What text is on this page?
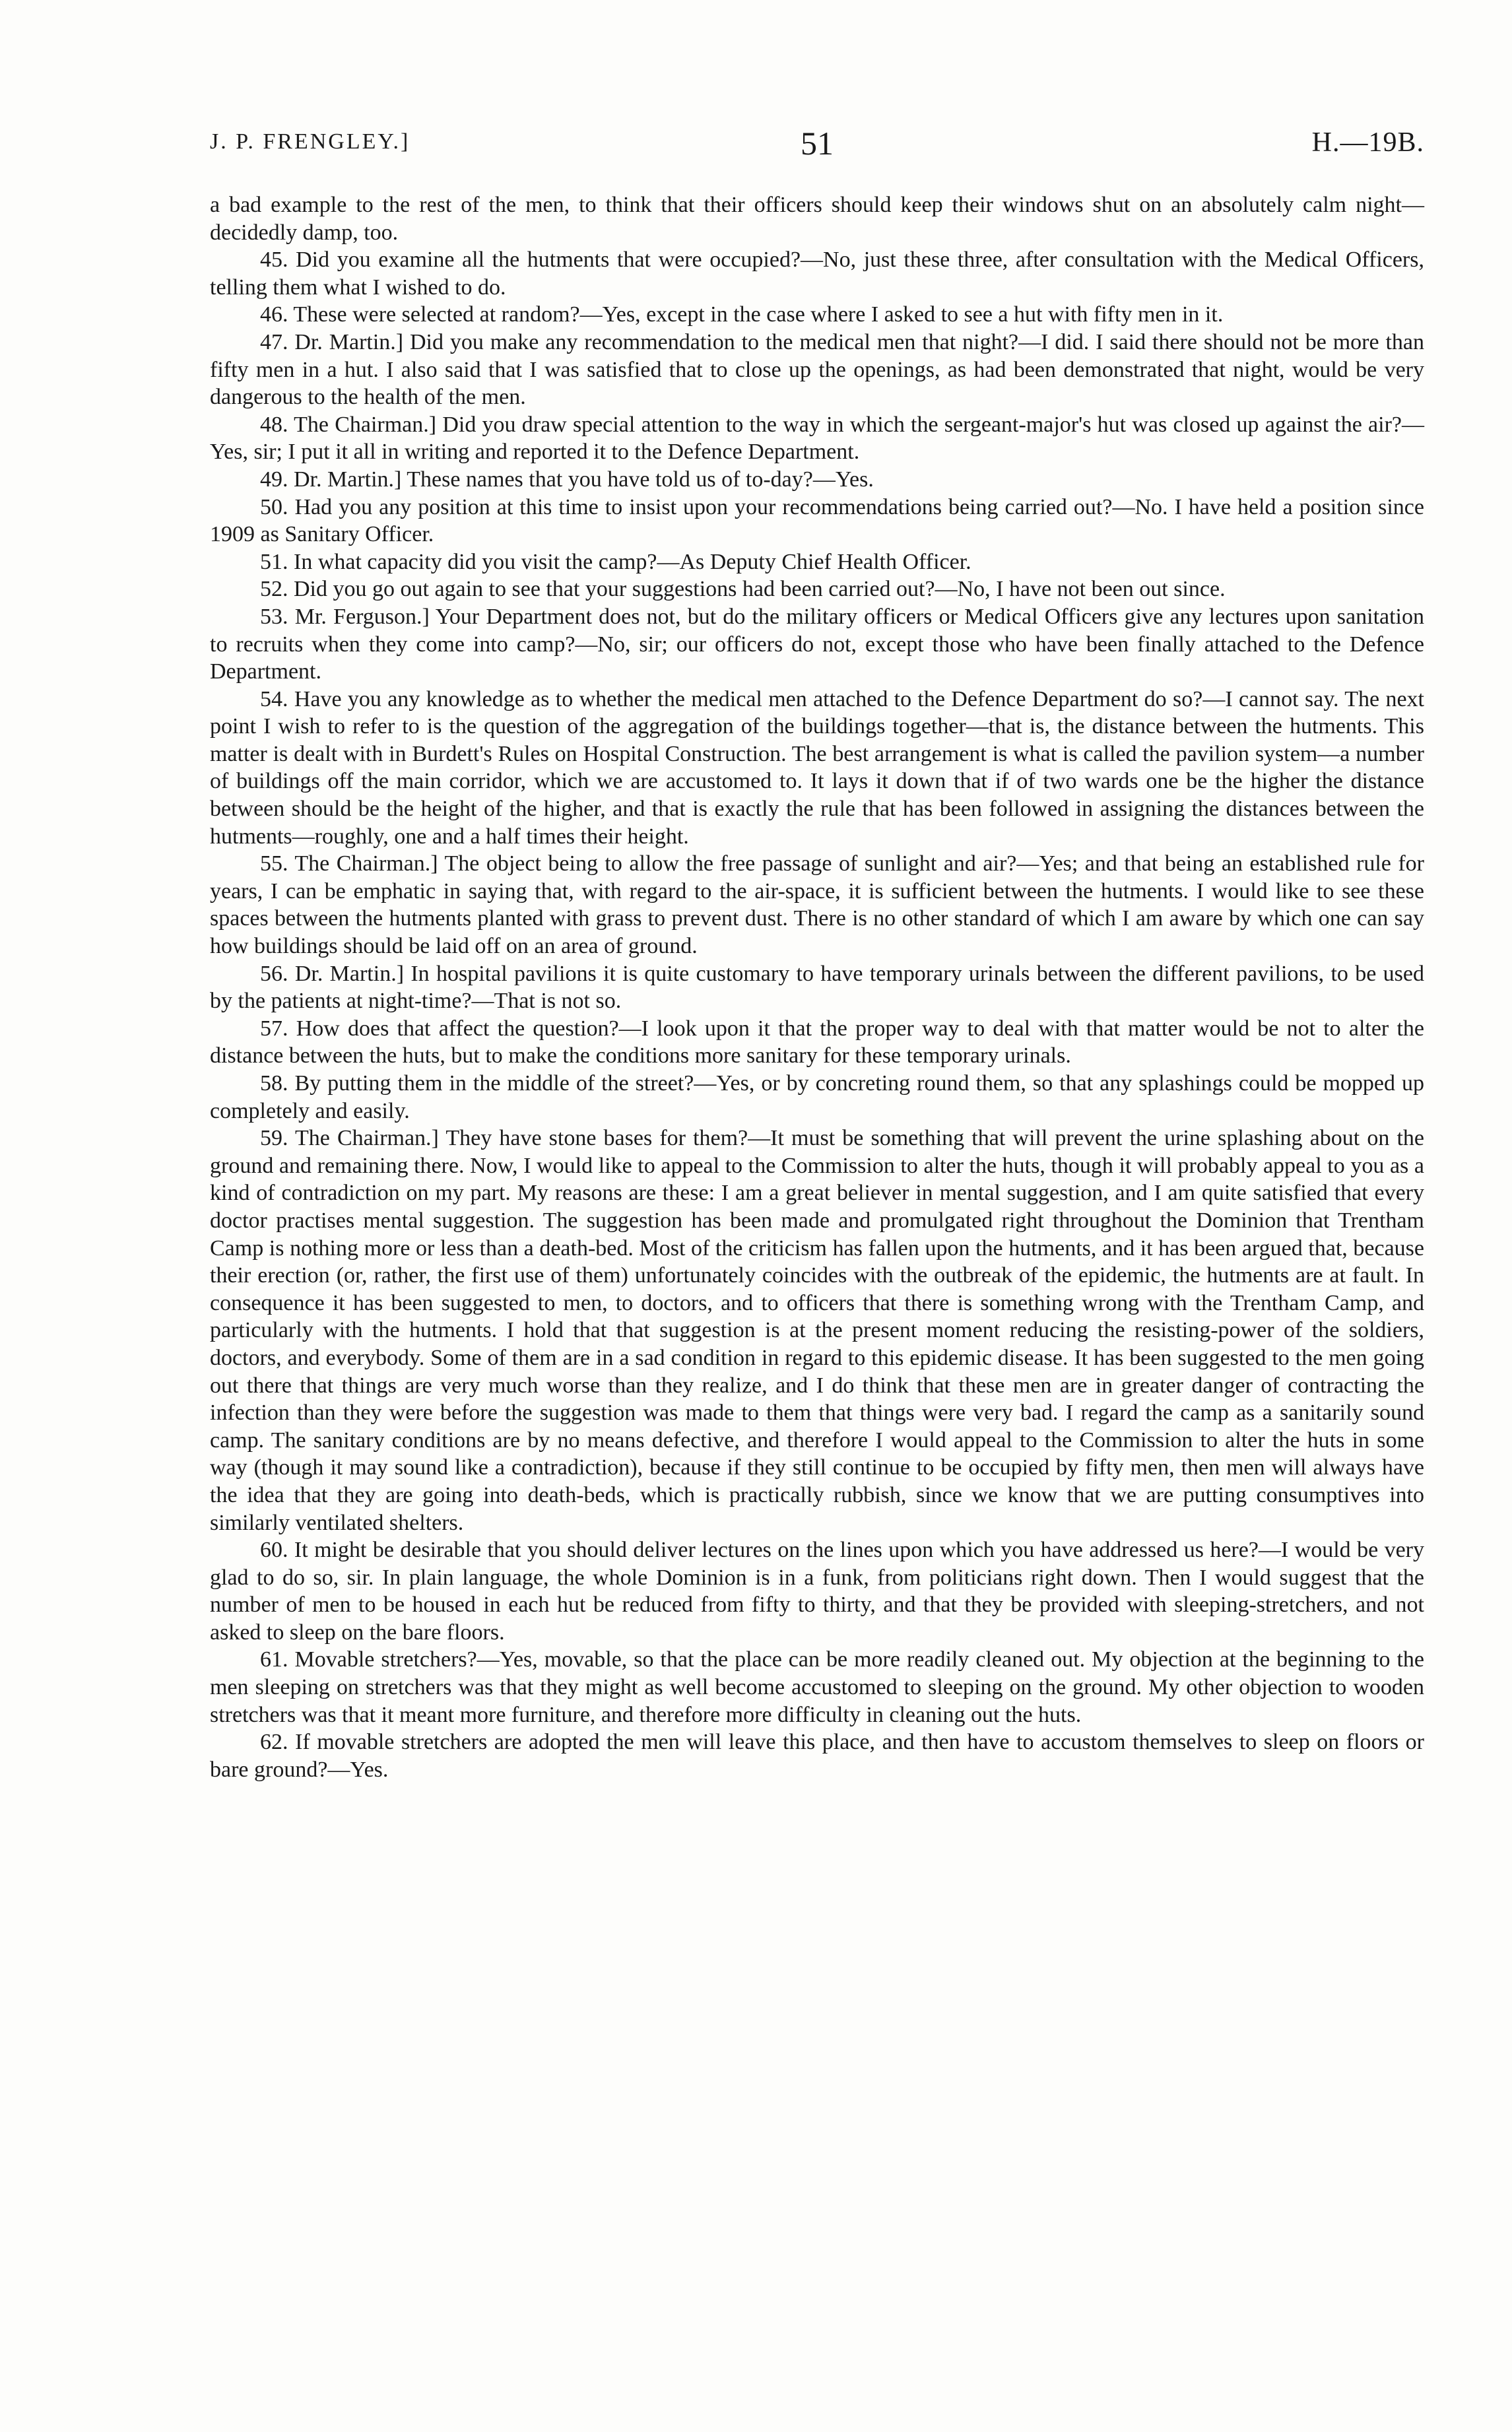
J. P. FRENGLEY.]	51	H.—19B.

a bad example to the rest of the men, to think that their officers should keep their windows shut on an absolutely calm night—decidedly damp, too.

45. Did you examine all the hutments that were occupied?—No, just these three, after consultation with the Medical Officers, telling them what I wished to do.

46. These were selected at random?—Yes, except in the case where I asked to see a hut with fifty men in it.

47. Dr. Martin.] Did you make any recommendation to the medical men that night?—I did. I said there should not be more than fifty men in a hut. I also said that I was satisfied that to close up the openings, as had been demonstrated that night, would be very dangerous to the health of the men.

48. The Chairman.] Did you draw special attention to the way in which the sergeant-major's hut was closed up against the air?—Yes, sir; I put it all in writing and reported it to the Defence Department.

49. Dr. Martin.] These names that you have told us of to-day?—Yes.

50. Had you any position at this time to insist upon your recommendations being carried out?—No. I have held a position since 1909 as Sanitary Officer.

51. In what capacity did you visit the camp?—As Deputy Chief Health Officer.

52. Did you go out again to see that your suggestions had been carried out?—No, I have not been out since.

53. Mr. Ferguson.] Your Department does not, but do the military officers or Medical Officers give any lectures upon sanitation to recruits when they come into camp?—No, sir; our officers do not, except those who have been finally attached to the Defence Department.

54. Have you any knowledge as to whether the medical men attached to the Defence Department do so?—I cannot say. The next point I wish to refer to is the question of the aggregation of the buildings together—that is, the distance between the hutments. This matter is dealt with in Burdett's Rules on Hospital Construction. The best arrangement is what is called the pavilion system—a number of buildings off the main corridor, which we are accustomed to. It lays it down that if of two wards one be the higher the distance between should be the height of the higher, and that is exactly the rule that has been followed in assigning the distances between the hutments—roughly, one and a half times their height.

55. The Chairman.] The object being to allow the free passage of sunlight and air?—Yes; and that being an established rule for years, I can be emphatic in saying that, with regard to the air-space, it is sufficient between the hutments. I would like to see these spaces between the hutments planted with grass to prevent dust. There is no other standard of which I am aware by which one can say how buildings should be laid off on an area of ground.

56. Dr. Martin.] In hospital pavilions it is quite customary to have temporary urinals between the different pavilions, to be used by the patients at night-time?—That is not so.

57. How does that affect the question?—I look upon it that the proper way to deal with that matter would be not to alter the distance between the huts, but to make the conditions more sanitary for these temporary urinals.

58. By putting them in the middle of the street?—Yes, or by concreting round them, so that any splashings could be mopped up completely and easily.

59. The Chairman.] They have stone bases for them?—It must be something that will prevent the urine splashing about on the ground and remaining there. Now, I would like to appeal to the Commission to alter the huts, though it will probably appeal to you as a kind of contradiction on my part. My reasons are these: I am a great believer in mental suggestion, and I am quite satisfied that every doctor practises mental suggestion. The suggestion has been made and promulgated right throughout the Dominion that Trentham Camp is nothing more or less than a death-bed. Most of the criticism has fallen upon the hutments, and it has been argued that, because their erection (or, rather, the first use of them) unfortunately coincides with the outbreak of the epidemic, the hutments are at fault. In consequence it has been suggested to men, to doctors, and to officers that there is something wrong with the Trentham Camp, and particularly with the hutments. I hold that that suggestion is at the present moment reducing the resisting-power of the soldiers, doctors, and everybody. Some of them are in a sad condition in regard to this epidemic disease. It has been suggested to the men going out there that things are very much worse than they realize, and I do think that these men are in greater danger of contracting the infection than they were before the suggestion was made to them that things were very bad. I regard the camp as a sanitarily sound camp. The sanitary conditions are by no means defective, and therefore I would appeal to the Commission to alter the huts in some way (though it may sound like a contradiction), because if they still continue to be occupied by fifty men, then men will always have the idea that they are going into death-beds, which is practically rubbish, since we know that we are putting consumptives into similarly ventilated shelters.

60. It might be desirable that you should deliver lectures on the lines upon which you have addressed us here?—I would be very glad to do so, sir. In plain language, the whole Dominion is in a funk, from politicians right down. Then I would suggest that the number of men to be housed in each hut be reduced from fifty to thirty, and that they be provided with sleeping-stretchers, and not asked to sleep on the bare floors.

61. Movable stretchers?—Yes, movable, so that the place can be more readily cleaned out. My objection at the beginning to the men sleeping on stretchers was that they might as well become accustomed to sleeping on the ground. My other objection to wooden stretchers was that it meant more furniture, and therefore more difficulty in cleaning out the huts.

62. If movable stretchers are adopted the men will leave this place, and then have to accustom themselves to sleep on floors or bare ground?—Yes.
